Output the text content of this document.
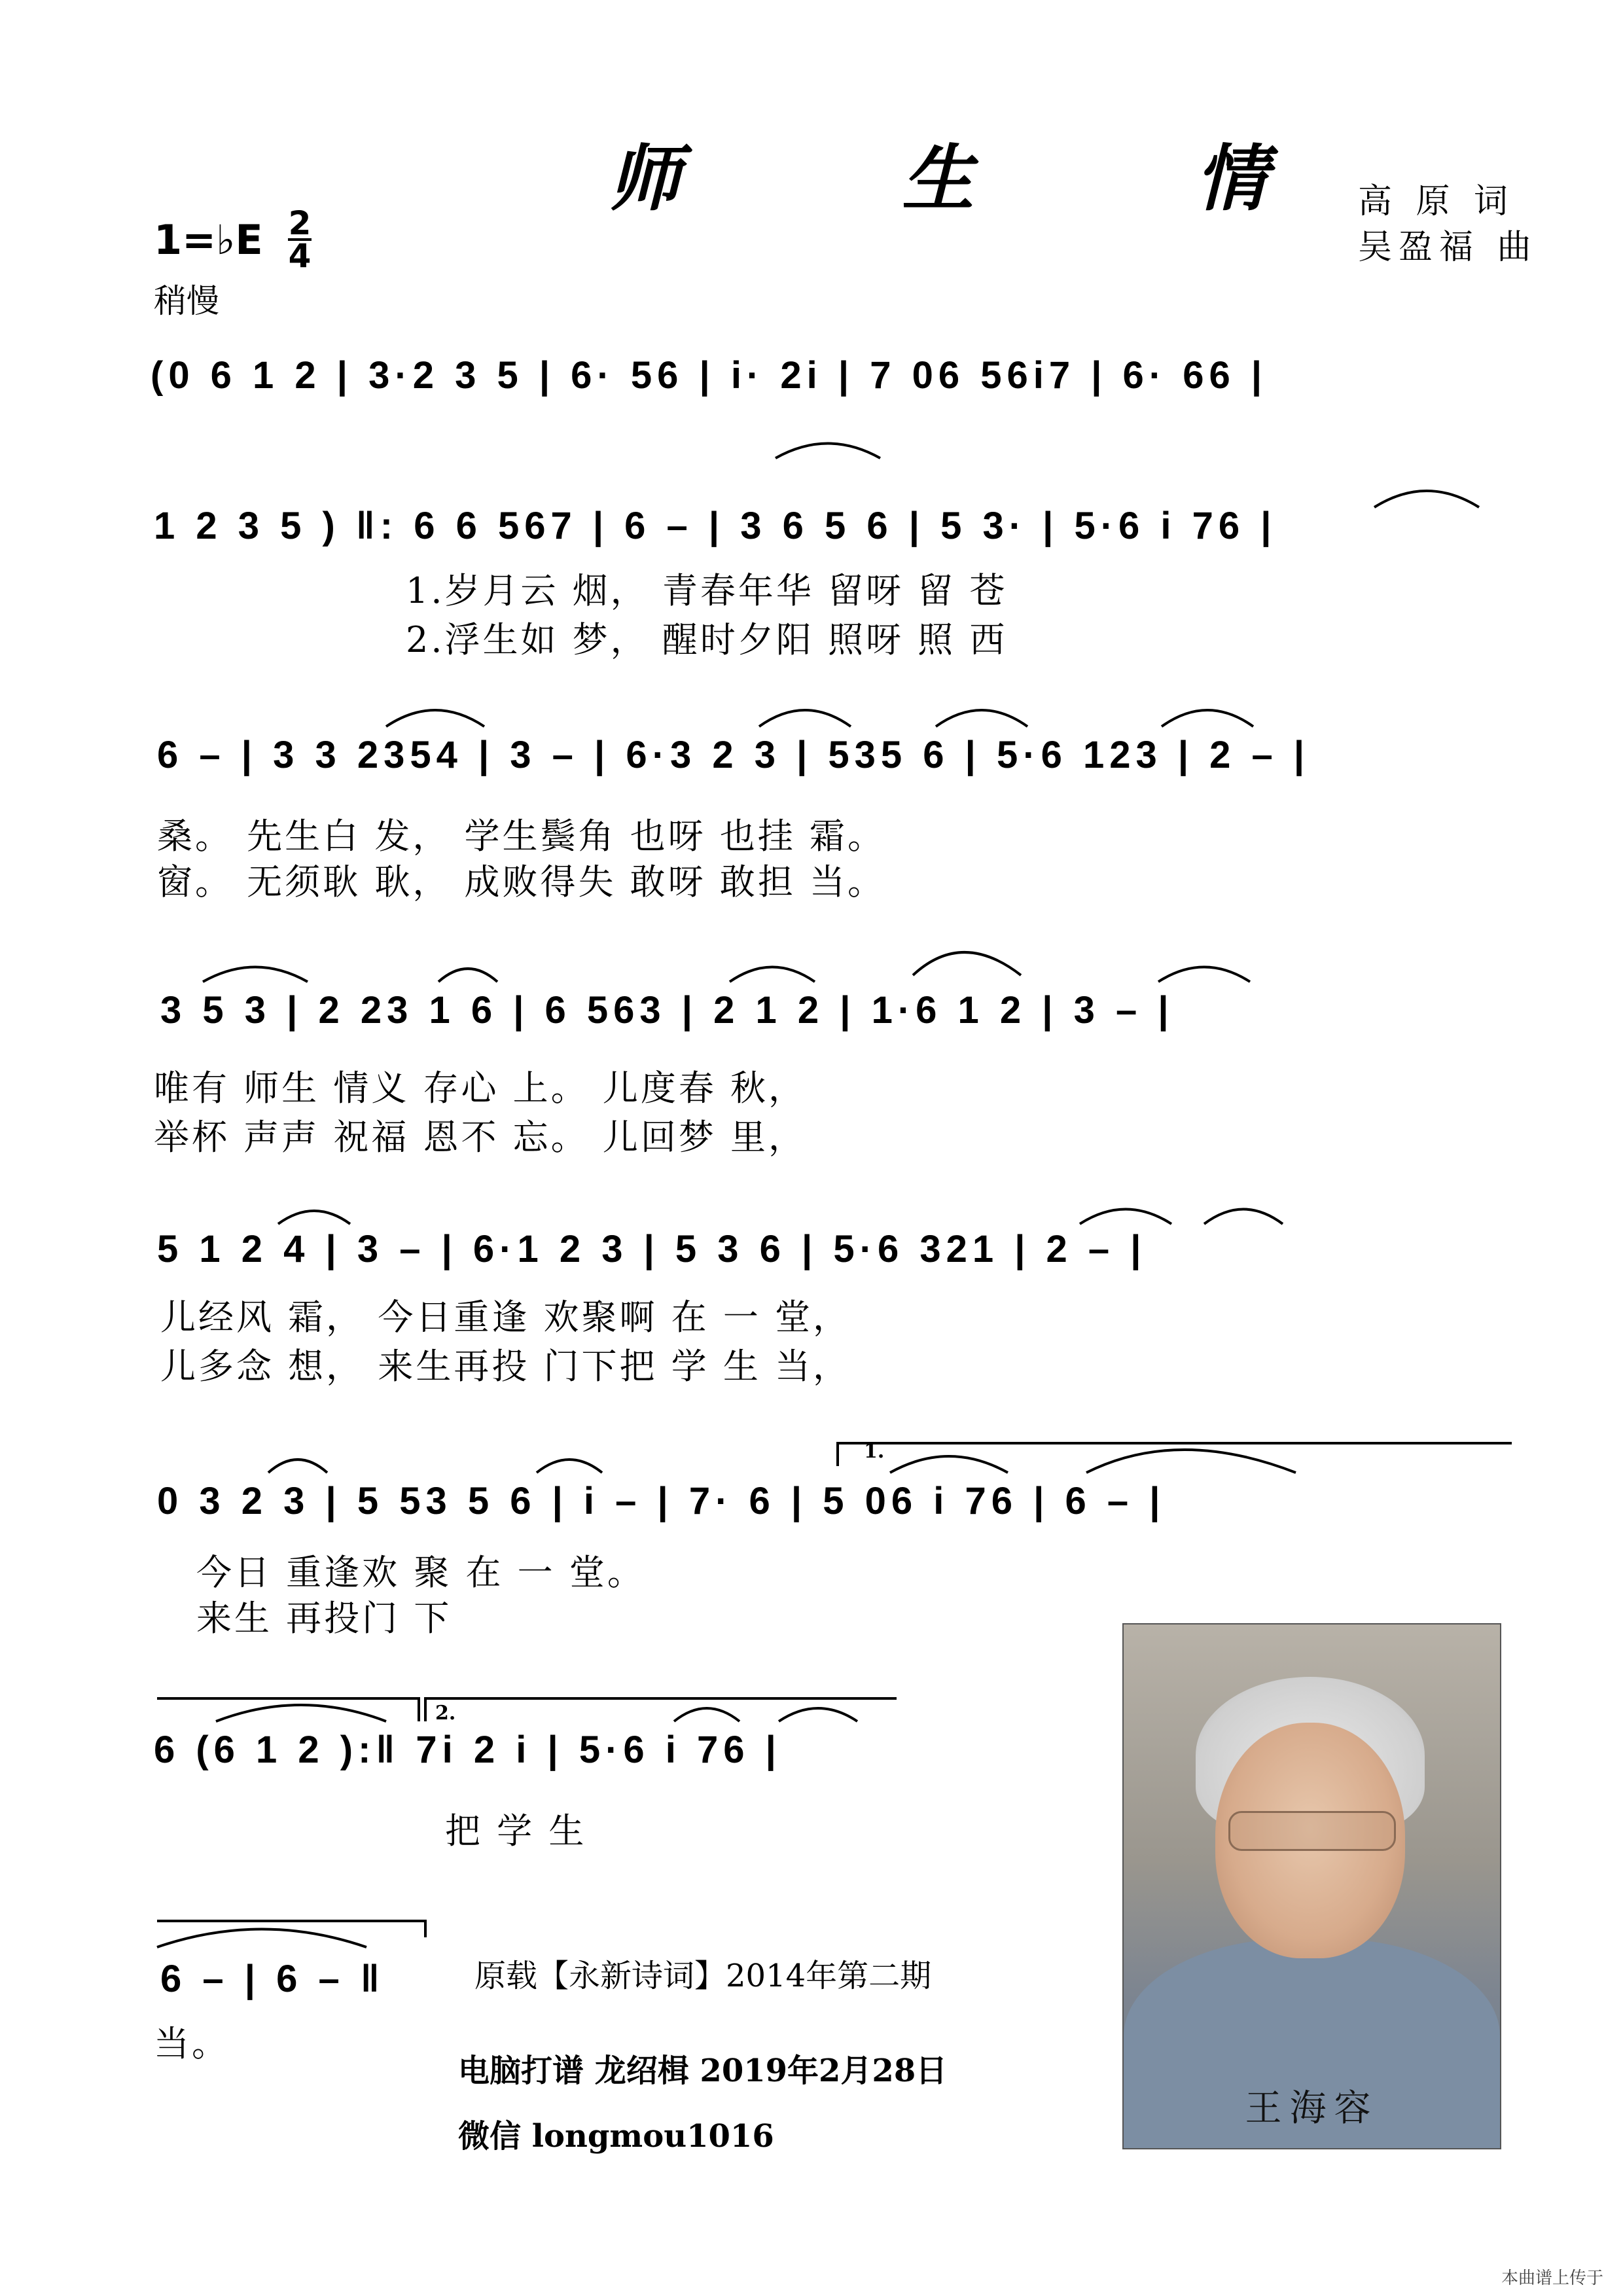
师 生 情
高 原 词
吴盈福 曲
1=♭E 2
4
稍慢
(0 6 1 2 | 3·2 3 5 | 6· 56 | i· 2i | 7 06 56i7 | 6· 66 |
1 2 3 5 ) ‖: 6 6 567 | 6 – | 3 6 5 6 | 5 3· | 5·6 i 76 |
1.岁月云 烟， 青春年华 留呀 留 苍
2.浮生如 梦， 醒时夕阳 照呀 照 西
6 – | 3 3 2354 | 3 – | 6·3 2 3 | 535 6 | 5·6 123 | 2 – |
桑。 先生白 发， 学生鬓角 也呀 也挂 霜。
窗。 无须耿 耿， 成败得失 敢呀 敢担 当。
3 5 3 | 2 23 1 6 | 6 563 | 2 1 2 | 1·6 1 2 | 3 – |
唯有 师生 情义 存心 上。 儿度春 秋，
举杯 声声 祝福 恩不 忘。 儿回梦 里，
5 1 2 4 | 3 – | 6·1 2 3 | 5 3 6 | 5·6 321 | 2 – |
儿经风 霜， 今日重逢 欢聚啊 在 一 堂，
儿多念 想， 来生再投 门下把 学 生 当，
0 3 2 3 | 5 53 5 6 | i – | 7· 6 | 5 06 i 76 | 6 – |
今日 重逢欢 聚 在 一 堂。
来生 再投门 下
1.
6 (6 1 2 ):‖ 7i 2 i | 5·6 i 76 |
把 学 生
2.
6 – | 6 – ‖
当。
原载【永新诗词】2014年第二期
电脑打谱 龙绍楫 2019年2月28日
微信 longmou1016
王海容
本曲谱上传于
